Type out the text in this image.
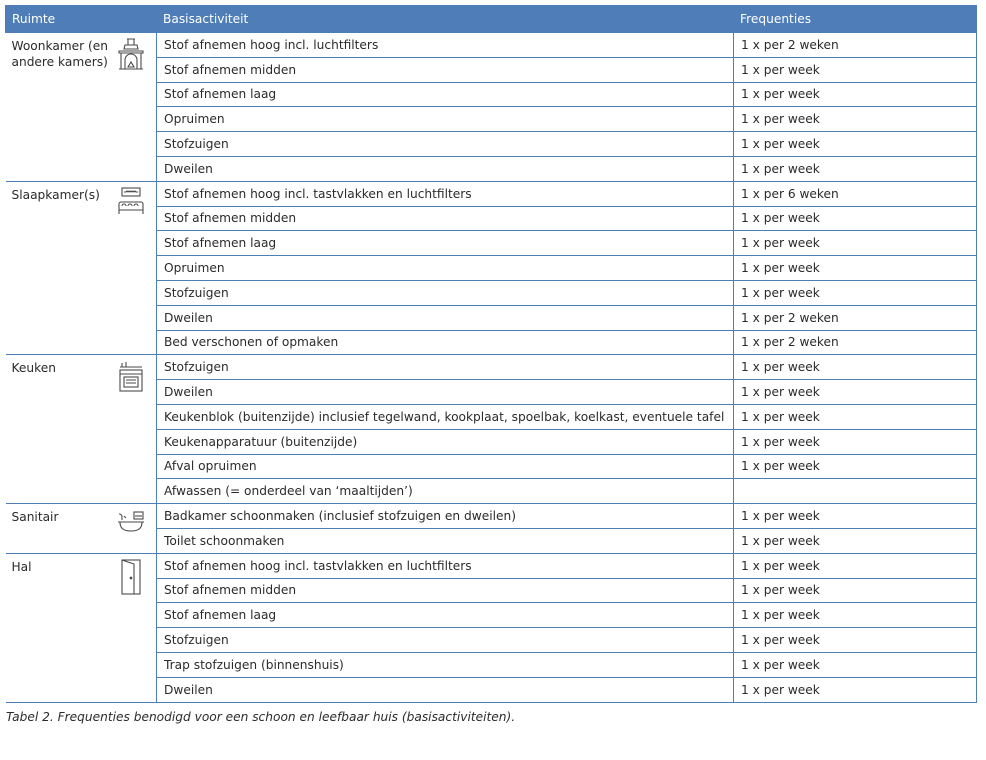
Ruimte	Basisactiviteit	Frequenties

Woonkamer (en andere kamers)	Stof afnemen hoog incl. luchtfilters	1 x per 2 weken
	Stof afnemen midden	1 x per week
	Stof afnemen laag	1 x per week
	Opruimen	1 x per week
	Stofzuigen	1 x per week
	Dweilen	1 x per week

Slaapkamer(s)	Stof afnemen hoog incl. tastvlakken en luchtfilters	1 x per 6 weken
	Stof afnemen midden	1 x per week
	Stof afnemen laag	1 x per week
	Opruimen	1 x per week
	Stofzuigen	1 x per week
	Dweilen	1 x per 2 weken
	Bed verschonen of opmaken	1 x per 2 weken

Keuken	Stofzuigen	1 x per week
	Dweilen	1 x per week
	Keukenblok (buitenzijde) inclusief tegelwand, kookplaat, spoelbak, koelkast, eventuele tafel	1 x per week
	Keukenapparatuur (buitenzijde)	1 x per week
	Afval opruimen	1 x per week
	Afwassen (= onderdeel van ‘maaltijden’)	

Sanitair	Badkamer schoonmaken (inclusief stofzuigen en dweilen)	1 x per week
	Toilet schoonmaken	1 x per week

Hal	Stof afnemen hoog incl. tastvlakken en luchtfilters	1 x per week
	Stof afnemen midden	1 x per week
	Stof afnemen laag	1 x per week
	Stofzuigen	1 x per week
	Trap stofzuigen (binnenshuis)	1 x per week
	Dweilen	1 x per week
Tabel 2. Frequenties benodigd voor een schoon en leefbaar huis (basisactiviteiten).
